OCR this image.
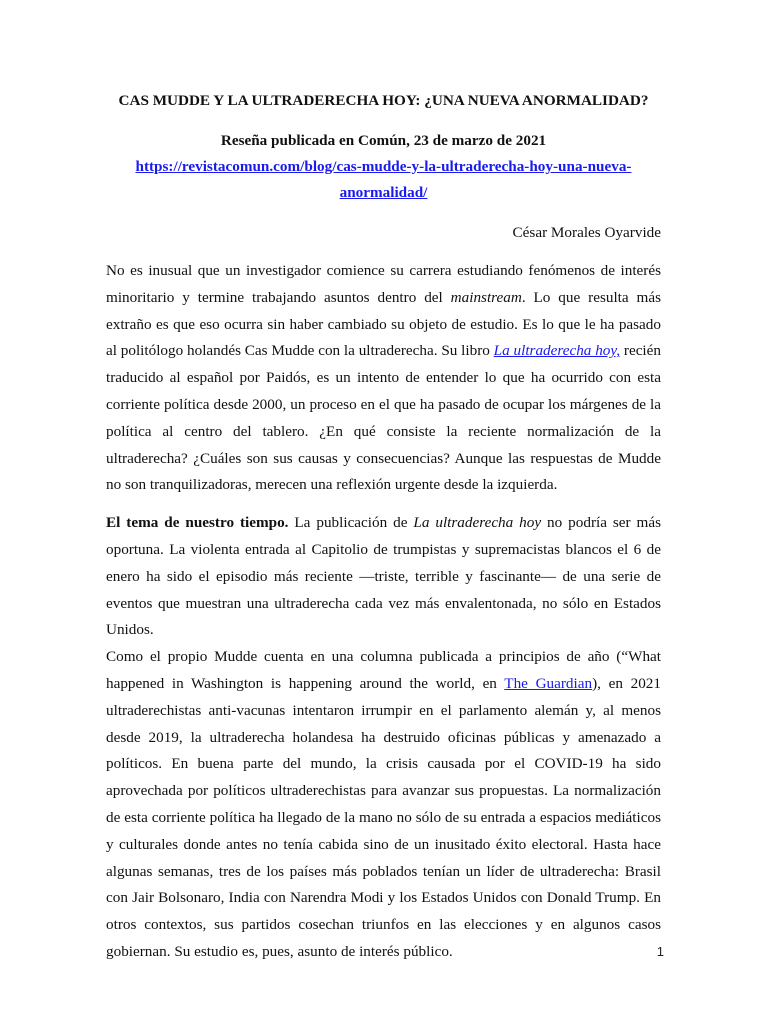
CAS MUDDE Y LA ULTRADERECHA HOY: ¿UNA NUEVA ANORMALIDAD?
Reseña publicada en Común, 23 de marzo de 2021
https://revistacomun.com/blog/cas-mudde-y-la-ultraderecha-hoy-una-nueva-anormalidad/
César Morales Oyarvide

No es inusual que un investigador comience su carrera estudiando fenómenos de interés minoritario y termine trabajando asuntos dentro del mainstream. Lo que resulta más extraño es que eso ocurra sin haber cambiado su objeto de estudio. Es lo que le ha pasado al politólogo holandés Cas Mudde con la ultraderecha. Su libro La ultraderecha hoy, recién traducido al español por Paidós, es un intento de entender lo que ha ocurrido con esta corriente política desde 2000, un proceso en el que ha pasado de ocupar los márgenes de la política al centro del tablero. ¿En qué consiste la reciente normalización de la ultraderecha? ¿Cuáles son sus causas y consecuencias? Aunque las respuestas de Mudde no son tranquilizadoras, merecen una reflexión urgente desde la izquierda.

El tema de nuestro tiempo. La publicación de La ultraderecha hoy no podría ser más oportuna. La violenta entrada al Capitolio de trumpistas y supremacistas blancos el 6 de enero ha sido el episodio más reciente —triste, terrible y fascinante— de una serie de eventos que muestran una ultraderecha cada vez más envalentonada, no sólo en Estados Unidos.

Como el propio Mudde cuenta en una columna publicada a principios de año (“What happened in Washington is happening around the world, en The Guardian), en 2021 ultraderechistas anti-vacunas intentaron irrumpir en el parlamento alemán y, al menos desde 2019, la ultraderecha holandesa ha destruido oficinas públicas y amenazado a políticos. En buena parte del mundo, la crisis causada por el COVID-19 ha sido aprovechada por políticos ultraderechistas para avanzar sus propuestas. La normalización de esta corriente política ha llegado de la mano no sólo de su entrada a espacios mediáticos y culturales donde antes no tenía cabida sino de un inusitado éxito electoral. Hasta hace algunas semanas, tres de los países más poblados tenían un líder de ultraderecha: Brasil con Jair Bolsonaro, India con Narendra Modi y los Estados Unidos con Donald Trump. En otros contextos, sus partidos cosechan triunfos en las elecciones y en algunos casos gobiernan. Su estudio es, pues, asunto de interés público.	1
